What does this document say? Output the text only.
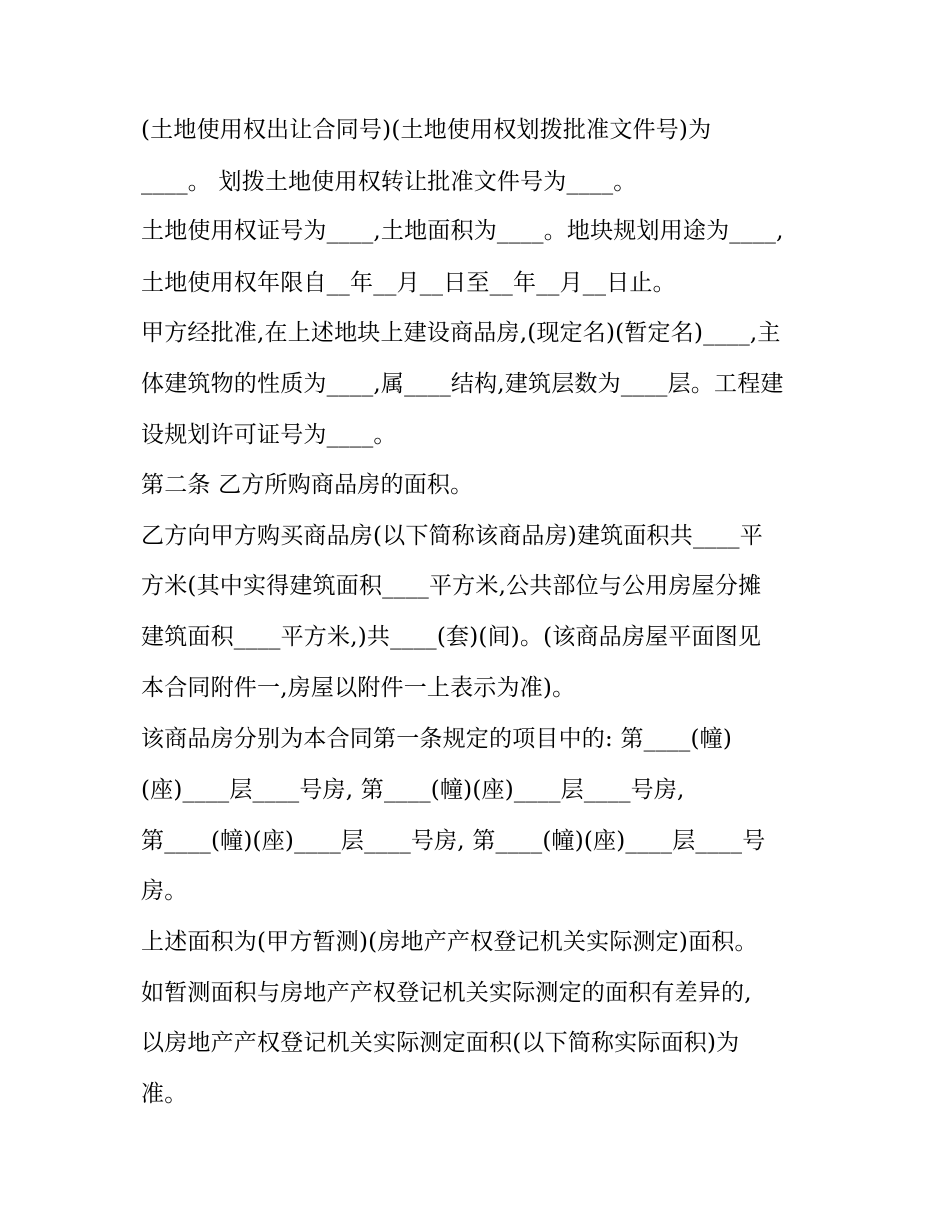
(土地使用权出让合同号)(土地使用权划拨批准文件号)为
____。 划拨土地使用权转让批准文件号为____。
土地使用权证号为____,土地面积为____。地块规划用途为____,
土地使用权年限自__年__月__日至__年__月__日止。
甲方经批准,在上述地块上建设商品房,(现定名)(暂定名)____,主
体建筑物的性质为____,属____结构,建筑层数为____层。工程建
设规划许可证号为____。
第二条 乙方所购商品房的面积。
乙方向甲方购买商品房(以下简称该商品房)建筑面积共____平
方米(其中实得建筑面积____平方米,公共部位与公用房屋分摊
建筑面积____平方米,)共____(套)(间)。(该商品房屋平面图见
本合同附件一,房屋以附件一上表示为准)。
该商品房分别为本合同第一条规定的项目中的: 第____(幢)
(座)____层____号房, 第____(幢)(座)____层____号房,
第____(幢)(座)____层____号房, 第____(幢)(座)____层____号
房。
上述面积为(甲方暂测)(房地产产权登记机关实际测定)面积。
如暂测面积与房地产产权登记机关实际测定的面积有差异的,
以房地产产权登记机关实际测定面积(以下简称实际面积)为
准。
